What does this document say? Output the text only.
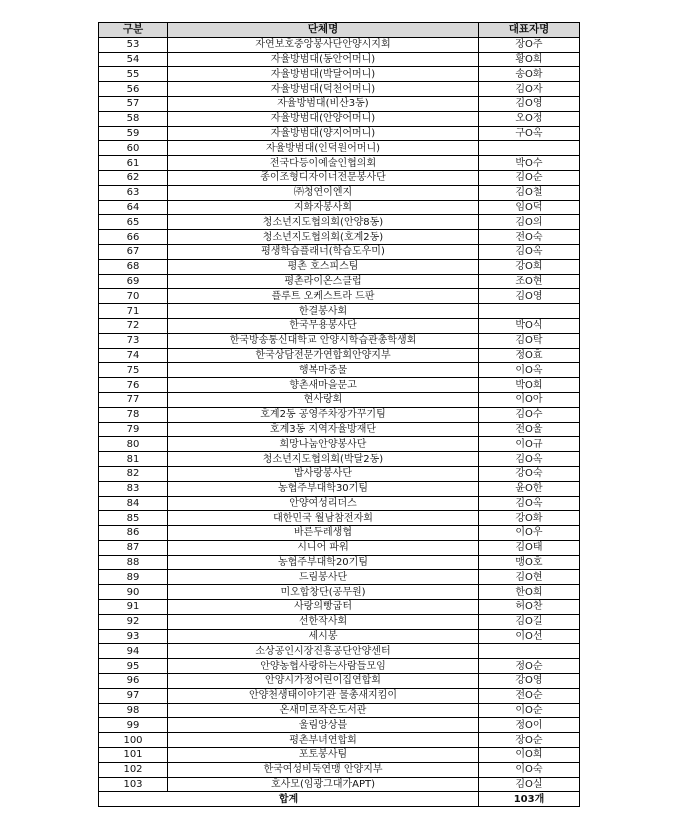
구분	단체명	대표자명
53	자연보호중앙봉사단안양시지회	장O주
54	자율방범대(동안어머니)	황O희
55	자율방범대(박달어머니)	송O화
56	자율방범대(덕천어머니)	김O자
57	자율방범대(비산3동)	김O영
58	자율방범대(안양어머니)	오O정
59	자율방범대(양지어머니)	구O옥
60	자율방범대(인덕원어머니)	
61	전국다등이예술인협의회	박O수
62	종이조형디자이너전문봉사단	김O순
63	㈜청연이엔지	김O철
64	지화자봉사회	임O덕
65	청소년지도협의회(안양8동)	김O의
66	청소년지도협의회(호계2동)	전O숙
67	평생학습플래너(학습도우미)	김O옥
68	평촌 호스피스팀	강O희
69	평촌라이온스클럽	조O현
70	플루트 오케스트라 드판	김O영
71	한결봉사회	
72	한국무용봉사단	박O식
73	한국방송통신대학교 안양시학습관총학생회	김O탁
74	한국상담전문가연합회안양지부	정O효
75	행복마중물	이O옥
76	향촌새마을문고	박O희
77	현사랑회	이O아
78	호계2동 공영주차장가꾸기팀	김O수
79	호계3동 지역자율방재단	전O울
80	희망나눔안양봉사단	이O규
81	청소년지도협의회(박달2동)	김O옥
82	밥사랑봉사단	강O숙
83	농협주부대학30기팀	윤O한
84	안양여성리더스	김O옥
85	대한민국 월남참전자회	강O화
86	바른두레생협	이O우
87	시니어 파워	김O태
88	농협주부대학20기팀	맹O호
89	드림봉사단	김O현
90	미오합창단(공무원)	한O희
91	사랑의빵굽터	허O찬
92	선한작사회	김O길
93	세시봉	이O선
94	소상공인시장진흥공단안양센터	
95	안양농협사랑하는사람들모임	정O순
96	안양시가정어린이집연합회	강O영
97	안양천생태이야기관 물총새지킴이	전O순
98	온새미로작은도서관	이O순
99	울림앙상블	정O이
100	평촌부녀연합회	장O순
101	포토봉사팀	이O희
102	한국여성비둑연맹 안양지부	이O숙
103	호사모(임광그대가APT)	김O실
합계		103개
